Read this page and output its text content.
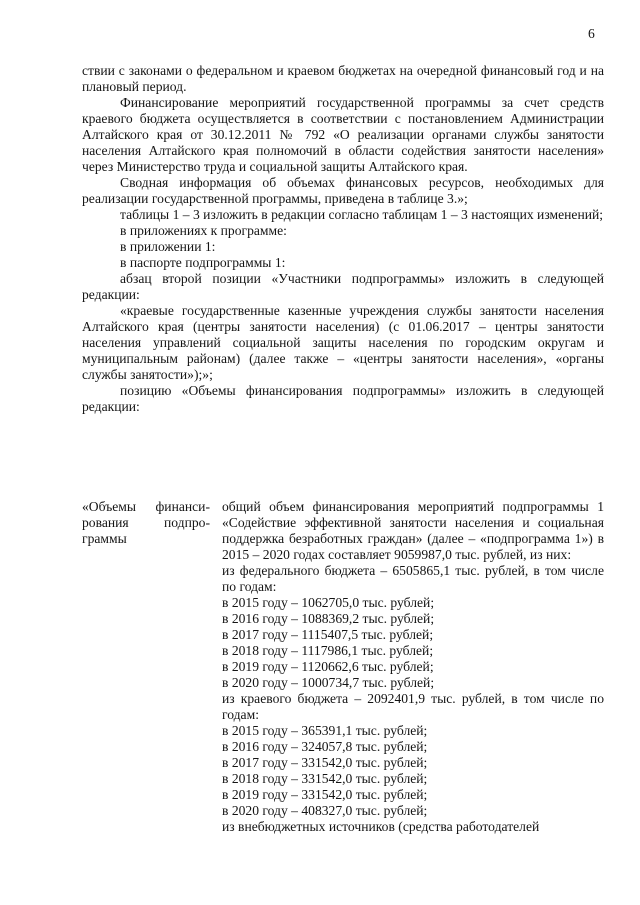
6

ствии с законами о федеральном и краевом бюджетах на очередной финансовый год и на плановый период.

Финансирование мероприятий государственной программы за счет средств краевого бюджета осуществляется в соответствии с постановлением Администрации Алтайского края от 30.12.2011 № 792 «О реализации органами службы занятости населения Алтайского края полномочий в области содействия занятости населения» через Министерство труда и социальной защиты Алтайского края.

Сводная информация об объемах финансовых ресурсов, необходимых для реализации государственной программы, приведена в таблице 3.»;

таблицы 1 – 3 изложить в редакции согласно таблицам 1 – 3 настоящих изменений;

в приложениях к программе:

в приложении 1:

в паспорте подпрограммы 1:

абзац второй позиции «Участники подпрограммы» изложить в следующей редакции:

«краевые государственные казенные учреждения службы занятости населения Алтайского края (центры занятости населения) (с 01.06.2017 – центры занятости населения управлений социальной защиты населения по городским округам и муниципальным районам) (далее также – «центры занятости населения», «органы службы занятости»);»;

позицию «Объемы финансирования подпрограммы» изложить в следующей редакции:

«Объемы финансирования подпрограммы

общий объем финансирования мероприятий подпрограммы 1 «Содействие эффективной занятости населения и социальная поддержка безработных граждан» (далее – «подпрограмма 1») в 2015 – 2020 годах составляет 9059987,0 тыс. рублей, из них:

из федерального бюджета – 6505865,1 тыс. рублей, в том числе по годам:

в 2015 году – 1062705,0 тыс. рублей;

в 2016 году – 1088369,2 тыс. рублей;

в 2017 году – 1115407,5 тыс. рублей;

в 2018 году – 1117986,1 тыс. рублей;

в 2019 году – 1120662,6 тыс. рублей;

в 2020 году – 1000734,7 тыс. рублей;

из краевого бюджета – 2092401,9 тыс. рублей, в том числе по годам:

в 2015 году – 365391,1 тыс. рублей;

в 2016 году – 324057,8 тыс. рублей;

в 2017 году – 331542,0 тыс. рублей;

в 2018 году – 331542,0 тыс. рублей;

в 2019 году – 331542,0 тыс. рублей;

в 2020 году – 408327,0 тыс. рублей;

из внебюджетных источников (средства работодателей
